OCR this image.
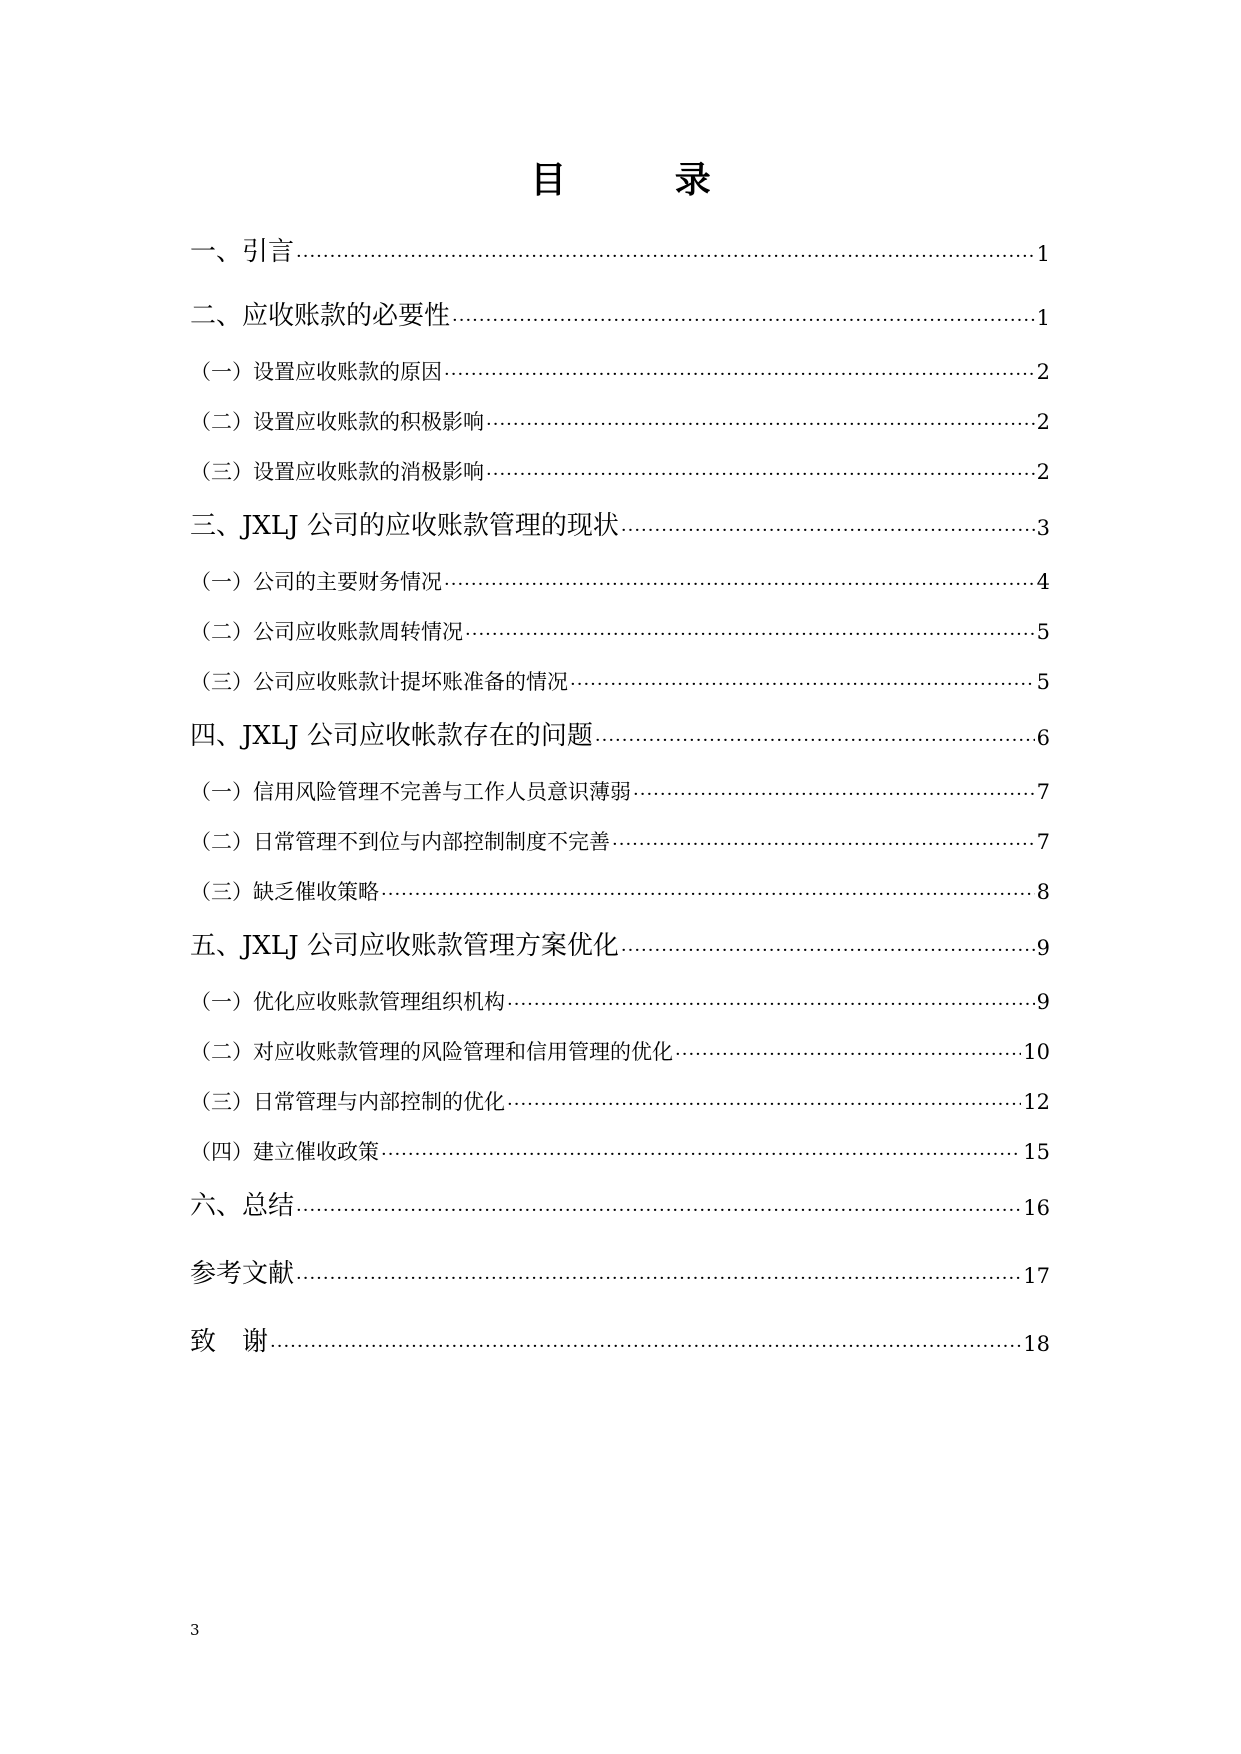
目 录
一、引言 ·····	1
二、应收账款的必要性 ·····	1
（一）设置应收账款的原因 ·····	2
（二）设置应收账款的积极影响 ·····	2
（三）设置应收账款的消极影响 ·····	2
三、JXLJ 公司的应收账款管理的现状 ·····	3
（一）公司的主要财务情况 ·····	4
（二）公司应收账款周转情况 ·····	5
（三）公司应收账款计提坏账准备的情况 ·····	5
四、JXLJ 公司应收帐款存在的问题 ·····	6
（一）信用风险管理不完善与工作人员意识薄弱 ·····	7
（二）日常管理不到位与内部控制制度不完善 ·····	7
（三）缺乏催收策略 ·····	8
五、JXLJ 公司应收账款管理方案优化 ·····	9
（一）优化应收账款管理组织机构 ·····	9
（二）对应收账款管理的风险管理和信用管理的优化 ·····	10
（三）日常管理与内部控制的优化 ·····	12
（四）建立催收政策 ·····	15
六、总结 ·····	16
参考文献 ·····	17
致　谢 ·····	18
3
